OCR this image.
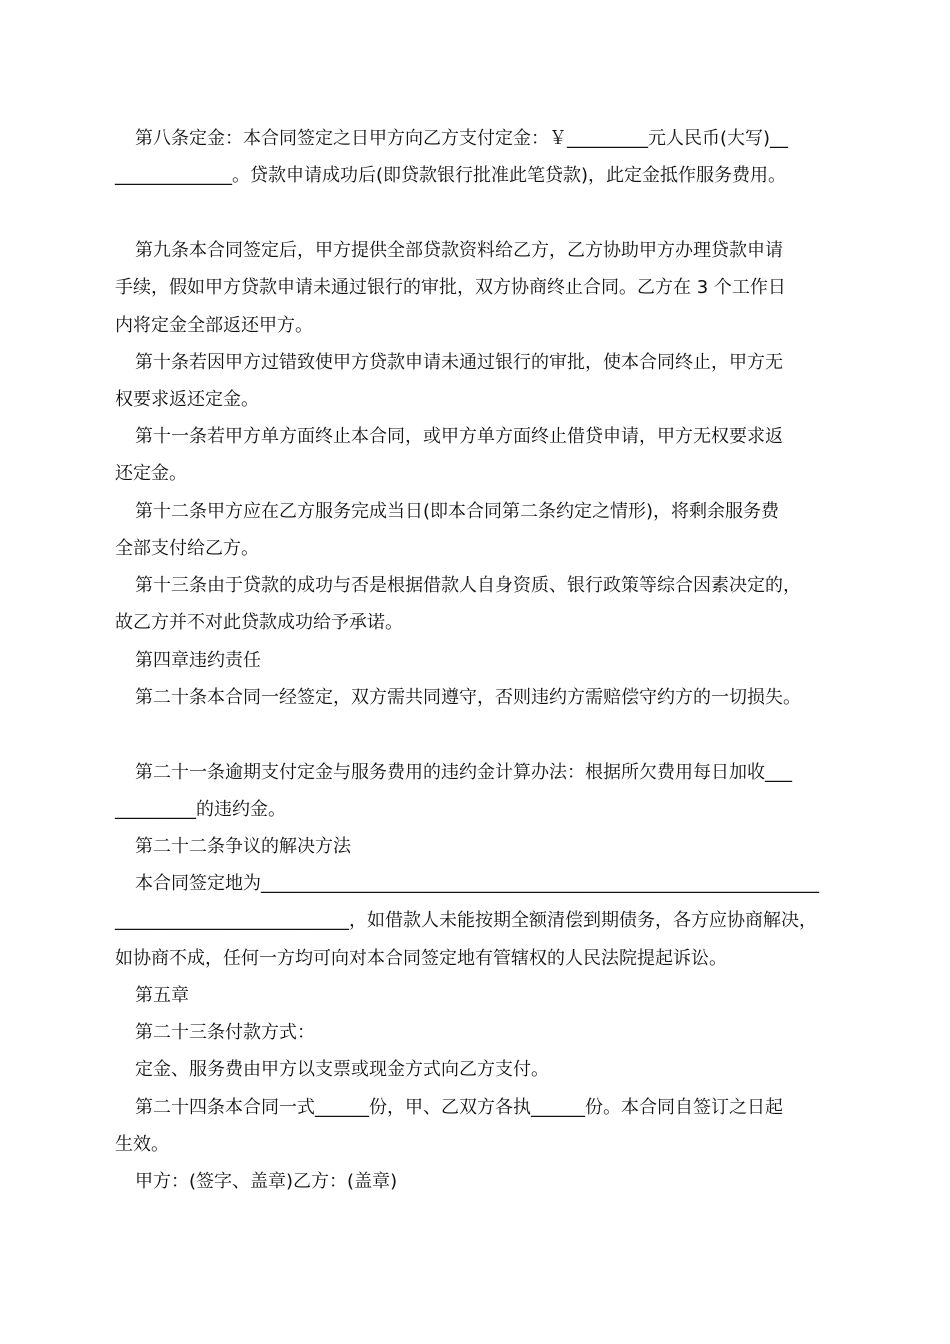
第八条定金：本合同签定之日甲方向乙方支付定金：￥_________元人民币(大写)__
_____________。贷款申请成功后(即贷款银行批准此笔贷款)，此定金抵作服务费用。
第九条本合同签定后，甲方提供全部贷款资料给乙方，乙方协助甲方办理贷款申请
手续，假如甲方贷款申请未通过银行的审批，双方协商终止合同。乙方在 3 个工作日
内将定金全部返还甲方。
第十条若因甲方过错致使甲方贷款申请未通过银行的审批，使本合同终止，甲方无
权要求返还定金。
第十一条若甲方单方面终止本合同，或甲方单方面终止借贷申请，甲方无权要求返
还定金。
第十二条甲方应在乙方服务完成当日(即本合同第二条约定之情形)，将剩余服务费
全部支付给乙方。
第十三条由于贷款的成功与否是根据借款人自身资质、银行政策等综合因素决定的，
故乙方并不对此贷款成功给予承诺。
第四章违约责任
第二十条本合同一经签定，双方需共同遵守，否则违约方需赔偿守约方的一切损失。
第二十一条逾期支付定金与服务费用的违约金计算办法：根据所欠费用每日加收___
_________的违约金。
第二十二条争议的解决方法
本合同签定地为______________________________________________________________
__________________________，如借款人未能按期全额清偿到期债务，各方应协商解决，
如协商不成，任何一方均可向对本合同签定地有管辖权的人民法院提起诉讼。
第五章
第二十三条付款方式：
定金、服务费由甲方以支票或现金方式向乙方支付。
第二十四条本合同一式______份，甲、乙双方各执______份。本合同自签订之日起
生效。
甲方：(签字、盖章)乙方：(盖章)
